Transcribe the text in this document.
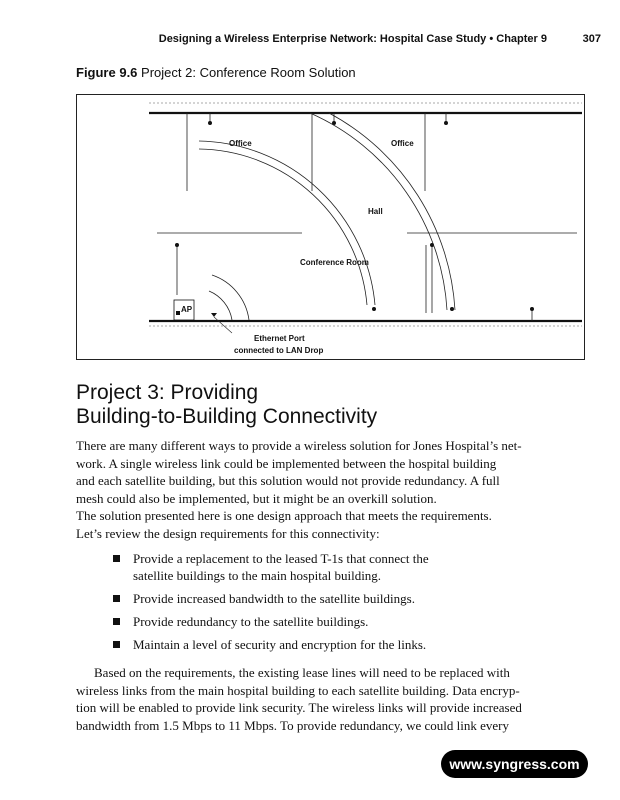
Designing a Wireless Enterprise Network: Hospital Case Study • Chapter 9	307
Figure 9.6 Project 2: Conference Room Solution
Office	Office
Hall
Conference Room
AP
Ethernet Port
connected to LAN Drop
Project 3: Providing
Building-to-Building Connectivity
There are many different ways to provide a wireless solution for Jones Hospital’s net-
work. A single wireless link could be implemented between the hospital building
and each satellite building, but this solution would not provide redundancy. A full
mesh could also be implemented, but it might be an overkill solution.
The solution presented here is one design approach that meets the requirements.
Let’s review the design requirements for this connectivity:
Provide a replacement to the leased T-1s that connect the
satellite buildings to the main hospital building.
Provide increased bandwidth to the satellite buildings.
Provide redundancy to the satellite buildings.
Maintain a level of security and encryption for the links.
Based on the requirements, the existing lease lines will need to be replaced with
wireless links from the main hospital building to each satellite building. Data encryp-
tion will be enabled to provide link security. The wireless links will provide increased
bandwidth from 1.5 Mbps to 11 Mbps. To provide redundancy, we could link every
www.syngress.com
